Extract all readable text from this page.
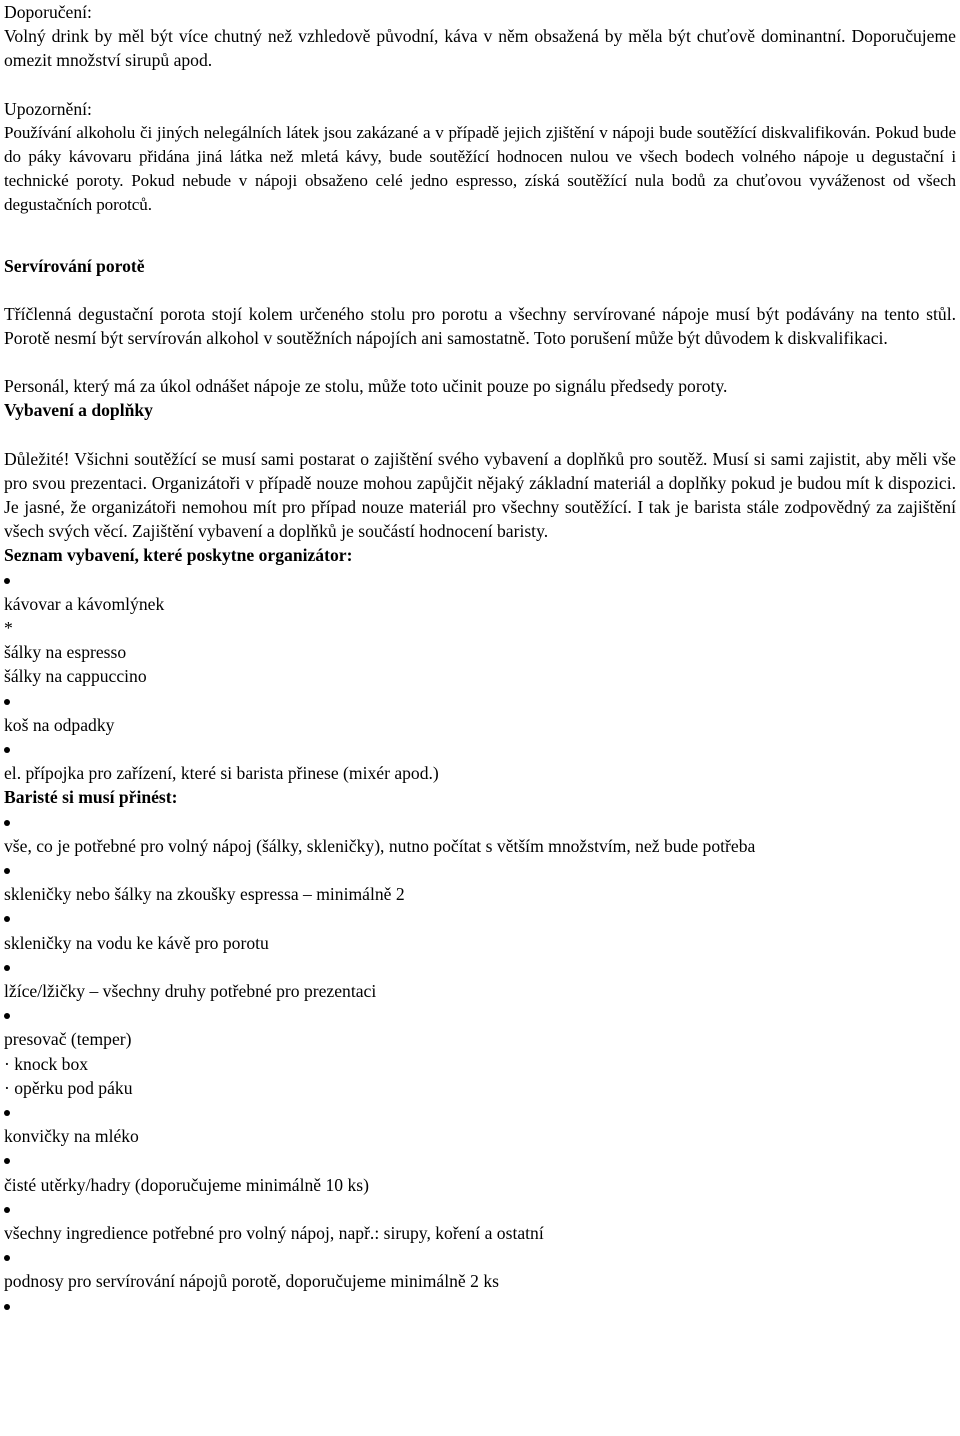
Doporučení:

Volný drink by měl být více chutný než vzhledově původní, káva v něm obsažená by měla být chuťově dominantní. Doporučujeme omezit množství sirupů apod.

Upozornění:

Používání alkoholu či jiných nelegálních látek jsou zakázané a v případě jejich zjištění v nápoji bude soutěžící diskvalifikován. Pokud bude do páky kávovaru přidána jiná látka než mletá kávy, bude soutěžící hodnocen nulou ve všech bodech volného nápoje u degustační i technické poroty. Pokud nebude v nápoji obsaženo celé jedno espresso, získá soutěžící nula bodů za chuťovou vyváženost od všech degustačních porotců.

Servírování porotě

Tříčlenná degustační porota stojí kolem určeného stolu pro porotu a všechny servírované nápoje musí být podávány na tento stůl. Porotě nesmí být servírován alkohol v soutěžních nápojích ani samostatně. Toto porušení může být důvodem k diskvalifikaci.

Personál, který má za úkol odnášet nápoje ze stolu, může toto učinit pouze po signálu předsedy poroty.

Vybavení a doplňky

Důležité! Všichni soutěžící se musí sami postarat o zajištění svého vybavení a doplňků pro soutěž. Musí si sami zajistit, aby měli vše pro svou prezentaci. Organizátoři v případě nouze mohou zapůjčit nějaký základní materiál a doplňky pokud je budou mít k dispozici. Je jasné, že organizátoři nemohou mít pro případ nouze materiál pro všechny soutěžící. I tak je barista stále zodpovědný za zajištění všech svých věcí. Zajištění vybavení a doplňků je součástí hodnocení baristy.

Seznam vybavení, které poskytne organizátor:

kávovar a kávomlýnek

*

šálky na espresso

šálky na cappuccino

koš na odpadky

el. přípojka pro zařízení, které si barista přinese (mixér apod.)

Baristé si musí přinést:

vše, co je potřebné pro volný nápoj (šálky, skleničky), nutno počítat s větším množstvím, než bude potřeba

skleničky nebo šálky na zkoušky espressa – minimálně 2

skleničky na vodu ke kávě pro porotu

lžíce/lžičky – všechny druhy potřebné pro prezentaci

presovač (temper)

· knock box

· opěrku pod páku

konvičky na mléko

čisté utěrky/hadry (doporučujeme minimálně 10 ks)

všechny ingredience potřebné pro volný nápoj, např.: sirupy, koření a ostatní

podnosy pro servírování nápojů porotě, doporučujeme minimálně 2 ks
